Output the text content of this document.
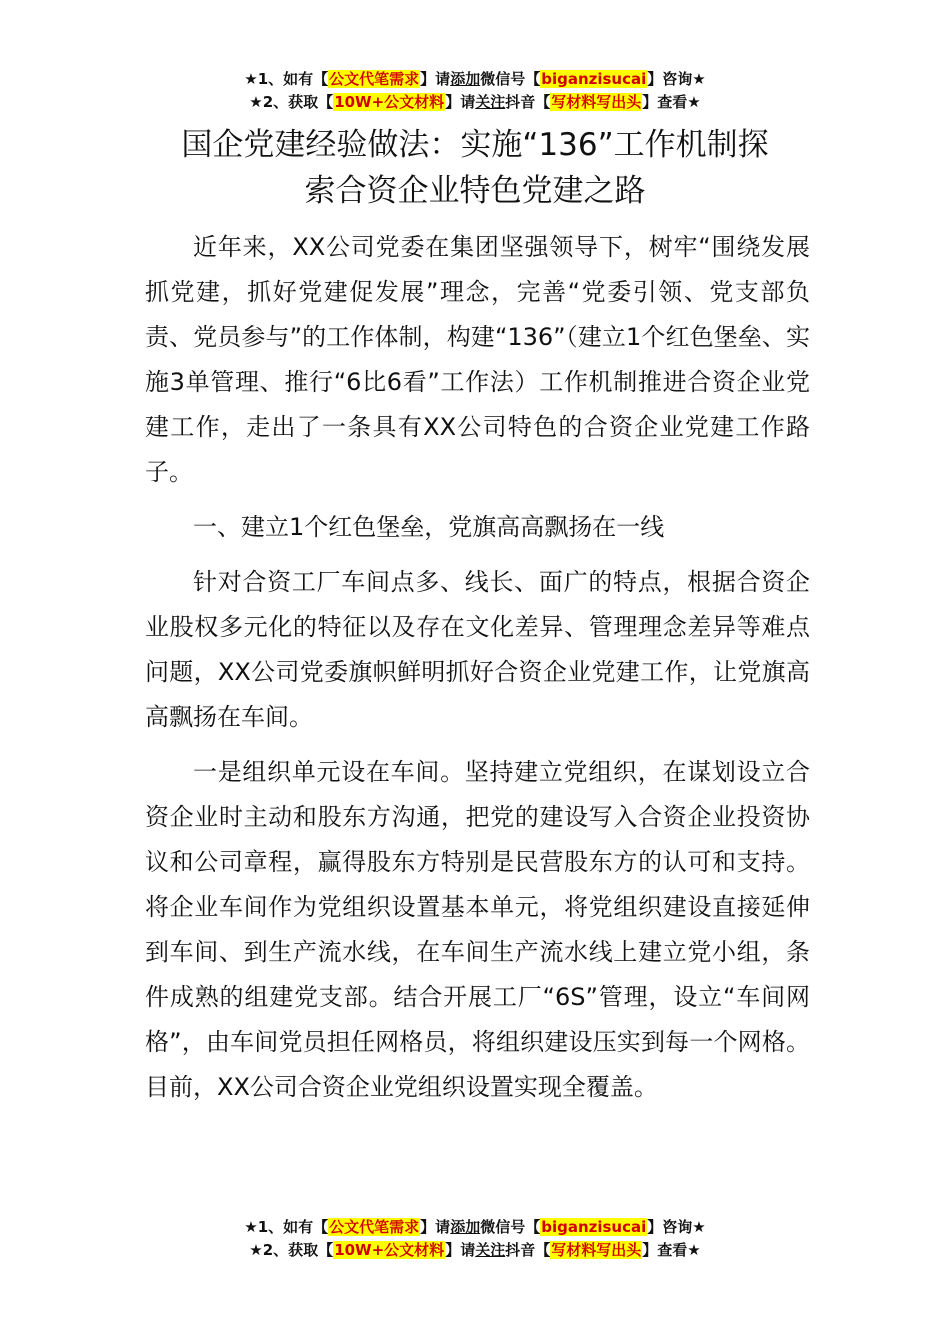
★1、如有【公文代笔需求】请添加微信号【biganzisucai】咨询★
★2、获取【10W+公文材料】请关注抖音【写材料写出头】查看★
国企党建经验做法：实施“136”工作机制探
索合资企业特色党建之路

近年来，XX公司党委在集团坚强领导下，树牢“围绕发展抓党建，抓好党建促发展”理念，完善“党委引领、党支部负责、党员参与”的工作体制，构建“136”（建立1个红色堡垒、实施3单管理、推行“6比6看”工作法）工作机制推进合资企业党建工作，走出了一条具有XX公司特色的合资企业党建工作路子。

一、建立1个红色堡垒，党旗高高飘扬在一线

针对合资工厂车间点多、线长、面广的特点，根据合资企业股权多元化的特征以及存在文化差异、管理理念差异等难点问题，XX公司党委旗帜鲜明抓好合资企业党建工作，让党旗高高飘扬在车间。

一是组织单元设在车间。坚持建立党组织，在谋划设立合资企业时主动和股东方沟通，把党的建设写入合资企业投资协议和公司章程，赢得股东方特别是民营股东方的认可和支持。将企业车间作为党组织设置基本单元，将党组织建设直接延伸到车间、到生产流水线，在车间生产流水线上建立党小组，条件成熟的组建党支部。结合开展工厂“6S”管理，设立“车间网格”，由车间党员担任网格员，将组织建设压实到每一个网格。目前，XX公司合资企业党组织设置实现全覆盖。

★1、如有【公文代笔需求】请添加微信号【biganzisucai】咨询★
★2、获取【10W+公文材料】请关注抖音【写材料写出头】查看★
